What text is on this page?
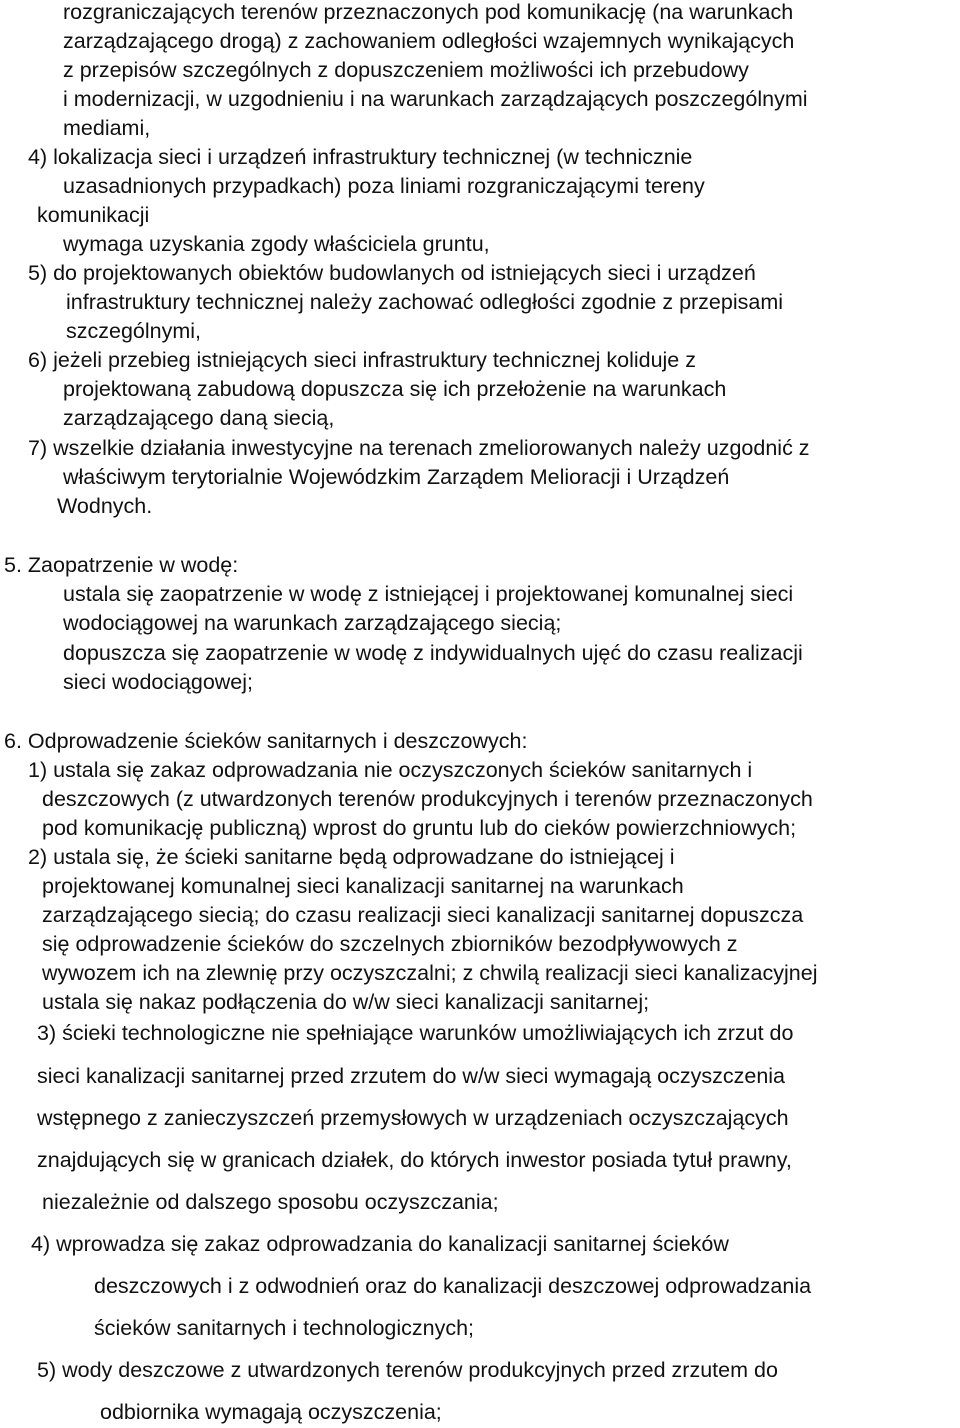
rozgraniczających terenów przeznaczonych pod komunikację (na warunkach
zarządzającego drogą) z zachowaniem odległości wzajemnych wynikających
z przepisów szczególnych z dopuszczeniem możliwości ich przebudowy
i modernizacji, w uzgodnieniu i na warunkach zarządzających poszczególnymi
mediami,
4) lokalizacja sieci i urządzeń infrastruktury technicznej (w technicznie
uzasadnionych przypadkach) poza liniami rozgraniczającymi tereny
komunikacji
wymaga uzyskania zgody właściciela gruntu,
5) do projektowanych obiektów budowlanych od istniejących sieci i urządzeń
infrastruktury technicznej należy zachować odległości zgodnie z przepisami
szczególnymi,
6) jeżeli przebieg istniejących sieci infrastruktury technicznej koliduje z
projektowaną zabudową dopuszcza się ich przełożenie na warunkach
zarządzającego daną siecią,
7) wszelkie działania inwestycyjne na terenach zmeliorowanych należy uzgodnić z
właściwym terytorialnie Wojewódzkim Zarządem Melioracji i Urządzeń
Wodnych.
5. Zaopatrzenie w wodę:
ustala się zaopatrzenie w wodę z istniejącej i projektowanej komunalnej sieci
wodociągowej na warunkach zarządzającego siecią;
dopuszcza się zaopatrzenie w wodę z indywidualnych ujęć do czasu realizacji
sieci wodociągowej;
6. Odprowadzenie ścieków sanitarnych i deszczowych:
1) ustala się zakaz odprowadzania nie oczyszczonych ścieków sanitarnych i
deszczowych (z utwardzonych terenów produkcyjnych i terenów przeznaczonych
pod komunikację publiczną) wprost do gruntu lub do cieków powierzchniowych;
2) ustala się, że ścieki sanitarne będą odprowadzane do istniejącej i
projektowanej komunalnej sieci kanalizacji sanitarnej na warunkach
zarządzającego siecią; do czasu realizacji sieci kanalizacji sanitarnej dopuszcza
się odprowadzenie ścieków do szczelnych zbiorników bezodpływowych z
wywozem ich na zlewnię przy oczyszczalni; z chwilą realizacji sieci kanalizacyjnej
ustala się nakaz podłączenia do w/w sieci kanalizacji sanitarnej;
3) ścieki technologiczne nie spełniające warunków umożliwiających ich zrzut do
sieci kanalizacji sanitarnej przed zrzutem do w/w sieci wymagają oczyszczenia
wstępnego z zanieczyszczeń przemysłowych w urządzeniach oczyszczających
znajdujących się w granicach działek, do których inwestor posiada tytuł prawny,
niezależnie od dalszego sposobu oczyszczania;
4) wprowadza się zakaz odprowadzania do kanalizacji sanitarnej ścieków
deszczowych i z odwodnień oraz do kanalizacji deszczowej odprowadzania
ścieków sanitarnych i technologicznych;
5) wody deszczowe z utwardzonych terenów produkcyjnych przed zrzutem do
odbiornika wymagają oczyszczenia;
